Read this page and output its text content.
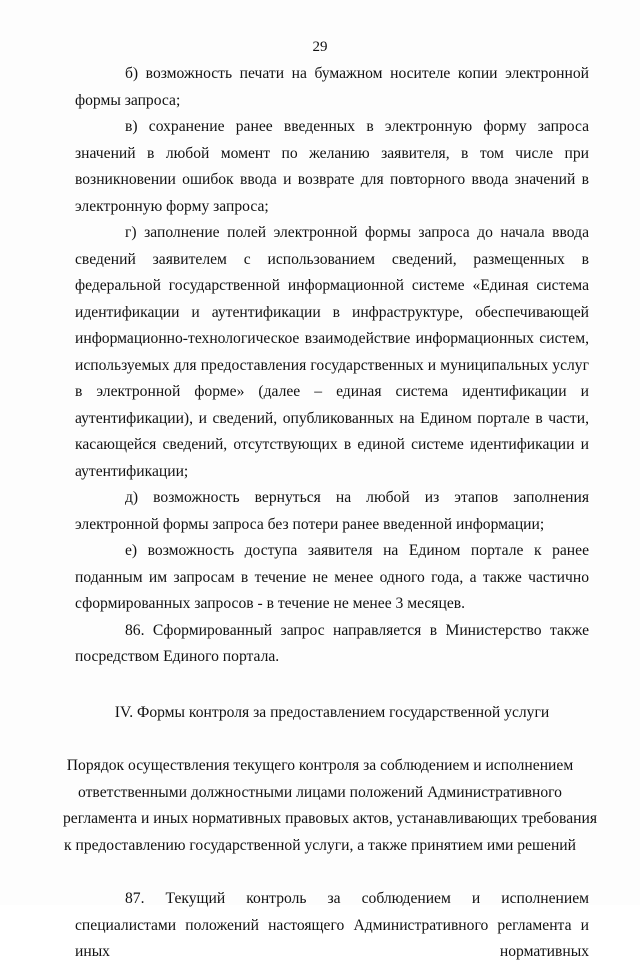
29

б) возможность печати на бумажном носителе копии электронной формы запроса;

в) сохранение ранее введенных в электронную форму запроса значений в любой момент по желанию заявителя, в том числе при возникновении ошибок ввода и возврате для повторного ввода значений в электронную форму запроса;

г) заполнение полей электронной формы запроса до начала ввода сведений заявителем с использованием сведений, размещенных в федеральной государственной информационной системе «Единая система идентификации и аутентификации в инфраструктуре, обеспечивающей информационно-технологическое взаимодействие информационных систем, используемых для предоставления государственных и муниципальных услуг в электронной форме» (далее – единая система идентификации и аутентификации), и сведений, опубликованных на Едином портале в части, касающейся сведений, отсутствующих в единой системе идентификации и аутентификации;

д) возможность вернуться на любой из этапов заполнения электронной формы запроса без потери ранее введенной информации;

е) возможность доступа заявителя на Едином портале к ранее поданным им запросам в течение не менее одного года, а также частично сформированных запросов - в течение не менее 3 месяцев.

86. Сформированный запрос направляется в Министерство также посредством Единого портала.

IV. Формы контроля за предоставлением государственной услуги

Порядок осуществления текущего контроля за соблюдением и исполнением
ответственными должностными лицами положений Административного
регламента и иных нормативных правовых актов, устанавливающих требования
к предоставлению государственной услуги, а также принятием ими решений

87. Текущий контроль за соблюдением и исполнением специалистами положений настоящего Административного регламента и иных нормативных
